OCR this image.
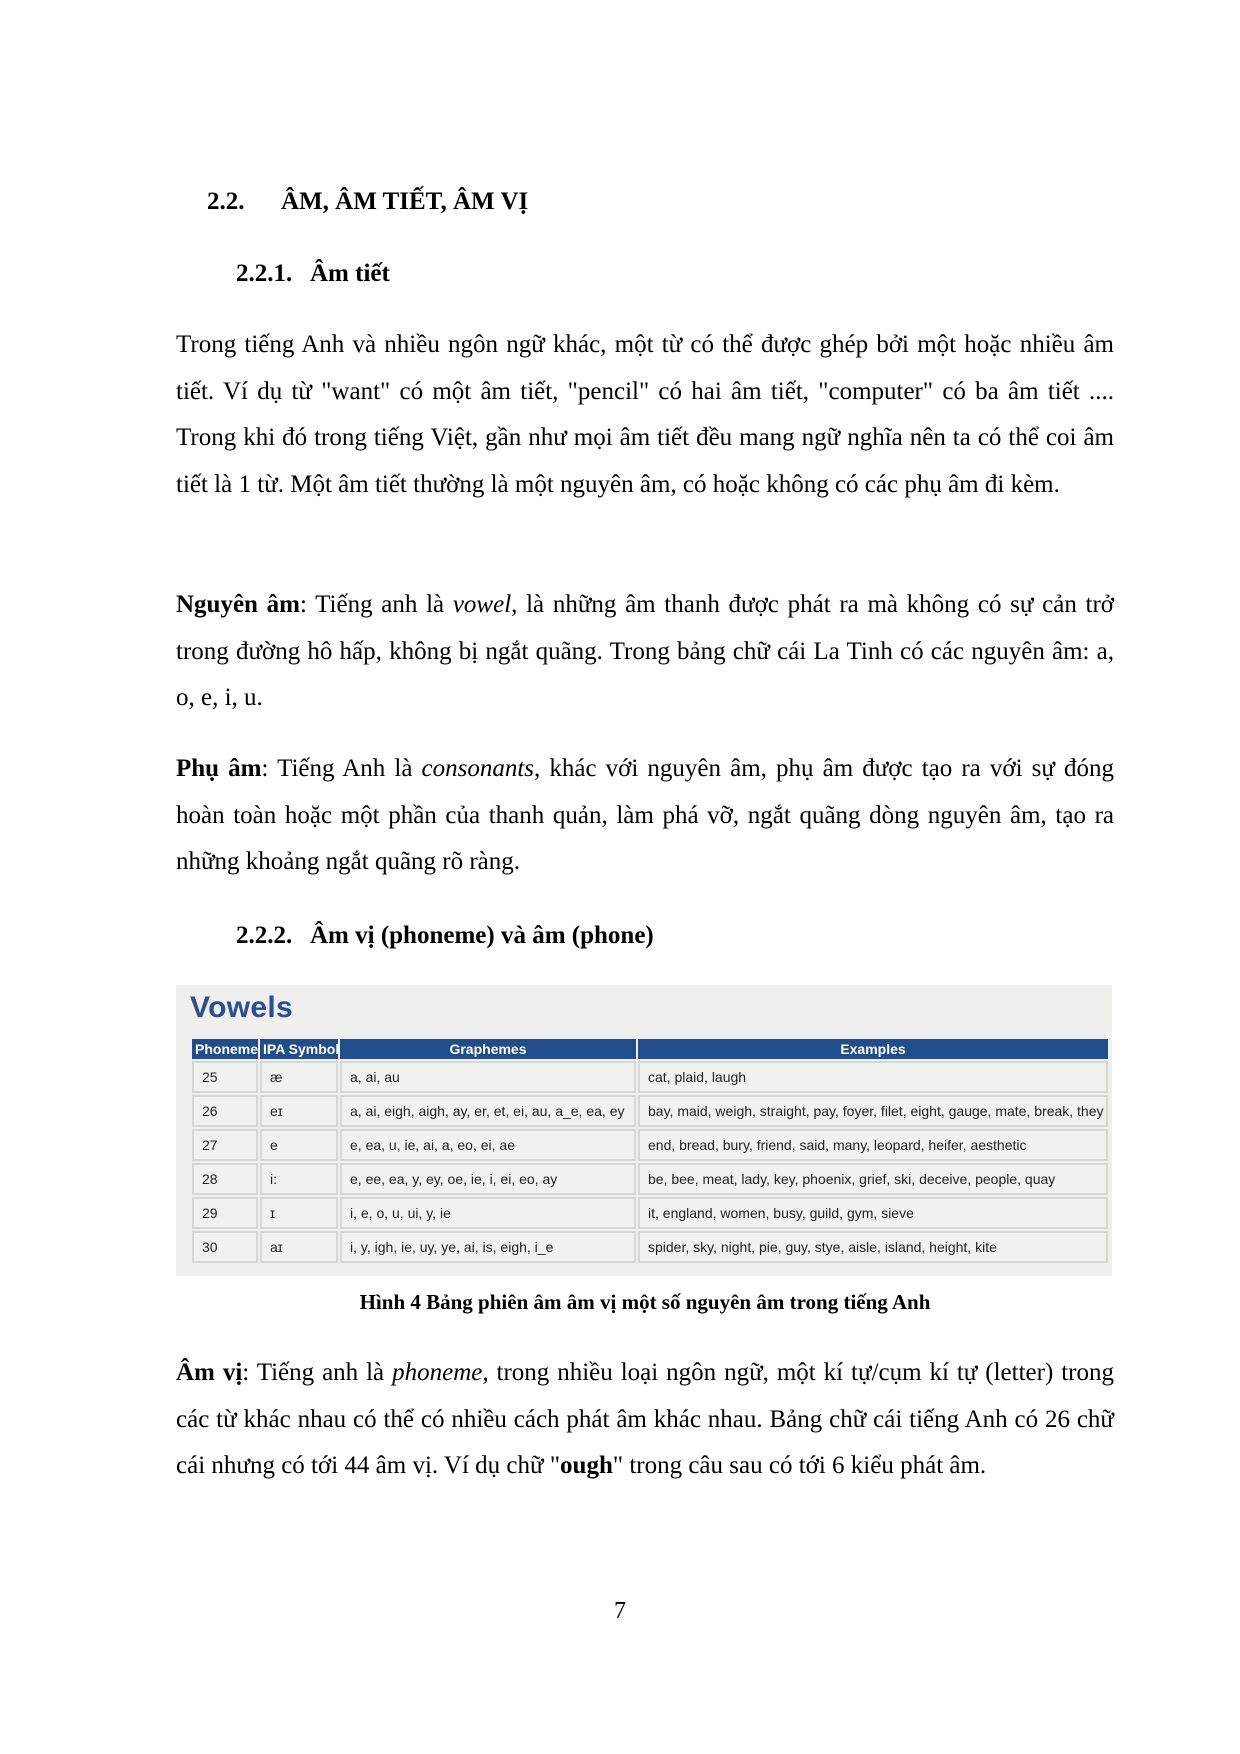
2.2. ÂM, ÂM TIẾT, ÂM VỊ
2.2.1. Âm tiết

Trong tiếng Anh và nhiều ngôn ngữ khác, một từ có thể được ghép bởi một hoặc nhiều âm tiết. Ví dụ từ "want" có một âm tiết, "pencil" có hai âm tiết, "computer" có ba âm tiết .... Trong khi đó trong tiếng Việt, gần như mọi âm tiết đều mang ngữ nghĩa nên ta có thể coi âm tiết là 1 từ. Một âm tiết thường là một nguyên âm, có hoặc không có các phụ âm đi kèm.

Nguyên âm: Tiếng anh là vowel, là những âm thanh được phát ra mà không có sự cản trở trong đường hô hấp, không bị ngắt quãng. Trong bảng chữ cái La Tinh có các nguyên âm: a, o, e, i, u.

Phụ âm: Tiếng Anh là consonants, khác với nguyên âm, phụ âm được tạo ra với sự đóng hoàn toàn hoặc một phần của thanh quản, làm phá vỡ, ngắt quãng dòng nguyên âm, tạo ra những khoảng ngắt quãng rõ ràng.

2.2.2. Âm vị (phoneme) và âm (phone)
Vowels
Phoneme	IPA Symbol	Graphemes	Examples
25	æ	a, ai, au	cat, plaid, laugh
26	eɪ	a, ai, eigh, aigh, ay, er, et, ei, au, a_e, ea, ey	bay, maid, weigh, straight, pay, foyer, filet, eight, gauge, mate, break, they
27	e	e, ea, u, ie, ai, a, eo, ei, ae	end, bread, bury, friend, said, many, leopard, heifer, aesthetic
28	i:	e, ee, ea, y, ey, oe, ie, i, ei, eo, ay	be, bee, meat, lady, key, phoenix, grief, ski, deceive, people, quay
29	ɪ	i, e, o, u, ui, y, ie	it, england, women, busy, guild, gym, sieve
30	aɪ	i, y, igh, ie, uy, ye, ai, is, eigh, i_e	spider, sky, night, pie, guy, stye, aisle, island, height, kite
Hình 4 Bảng phiên âm âm vị một số nguyên âm trong tiếng Anh

Âm vị: Tiếng anh là phoneme, trong nhiều loại ngôn ngữ, một kí tự/cụm kí tự (letter) trong các từ khác nhau có thể có nhiều cách phát âm khác nhau. Bảng chữ cái tiếng Anh có 26 chữ cái nhưng có tới 44 âm vị. Ví dụ chữ "ough" trong câu sau có tới 6 kiểu phát âm.

7
